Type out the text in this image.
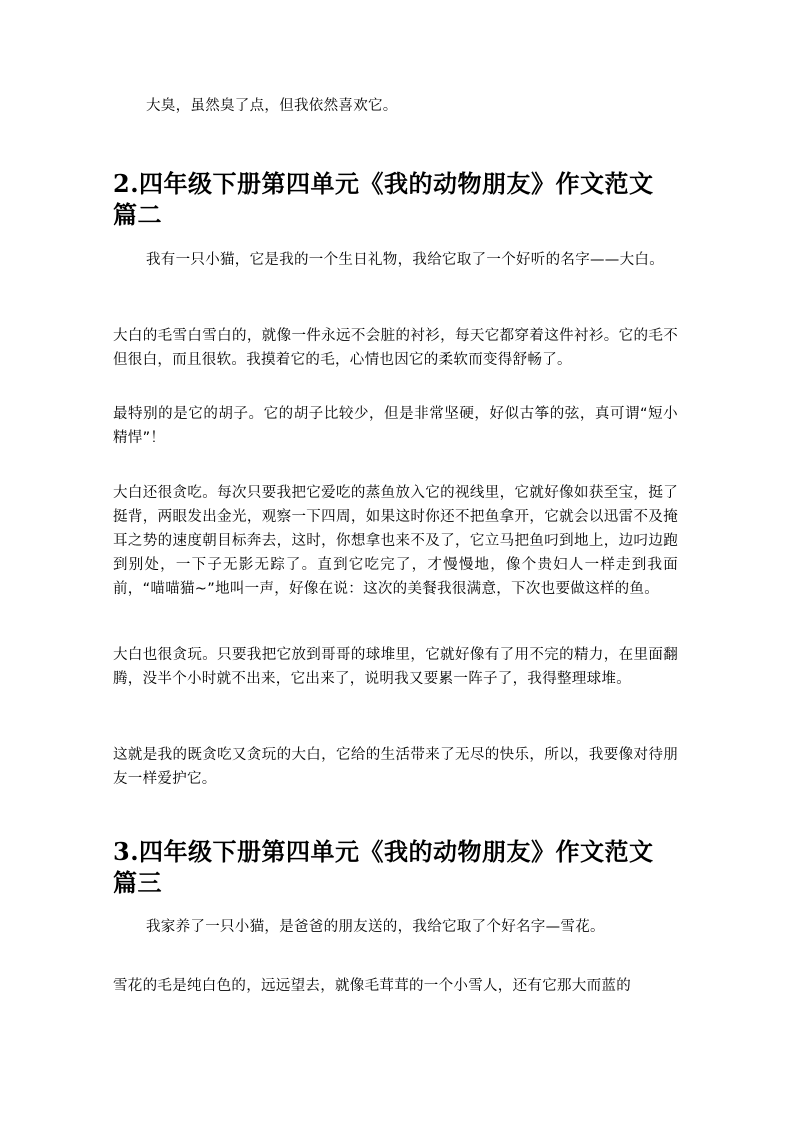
大臭，虽然臭了点，但我依然喜欢它。

2.四年级下册第四单元《我的动物朋友》作文范文篇二

我有一只小猫，它是我的一个生日礼物，我给它取了一个好听的名字——大白。

大白的毛雪白雪白的，就像一件永远不会脏的衬衫，每天它都穿着这件衬衫。它的毛不但很白，而且很软。我摸着它的毛，心情也因它的柔软而变得舒畅了。

最特别的是它的胡子。它的胡子比较少，但是非常坚硬，好似古筝的弦，真可谓“短小精悍”！

大白还很贪吃。每次只要我把它爱吃的蒸鱼放入它的视线里，它就好像如获至宝，挺了挺背，两眼发出金光，观察一下四周，如果这时你还不把鱼拿开，它就会以迅雷不及掩耳之势的速度朝目标奔去，这时，你想拿也来不及了，它立马把鱼叼到地上，边叼边跑到别处，一下子无影无踪了。直到它吃完了，才慢慢地，像个贵妇人一样走到我面前，“喵喵猫~”地叫一声，好像在说：这次的美餐我很满意，下次也要做这样的鱼。

大白也很贪玩。只要我把它放到哥哥的球堆里，它就好像有了用不完的精力，在里面翻腾，没半个小时就不出来，它出来了，说明我又要累一阵子了，我得整理球堆。

这就是我的既贪吃又贪玩的大白，它给的生活带来了无尽的快乐，所以，我要像对待朋友一样爱护它。

3.四年级下册第四单元《我的动物朋友》作文范文篇三

我家养了一只小猫，是爸爸的朋友送的，我给它取了个好名字—雪花。

雪花的毛是纯白色的，远远望去，就像毛茸茸的一个小雪人，还有它那大而蓝的
